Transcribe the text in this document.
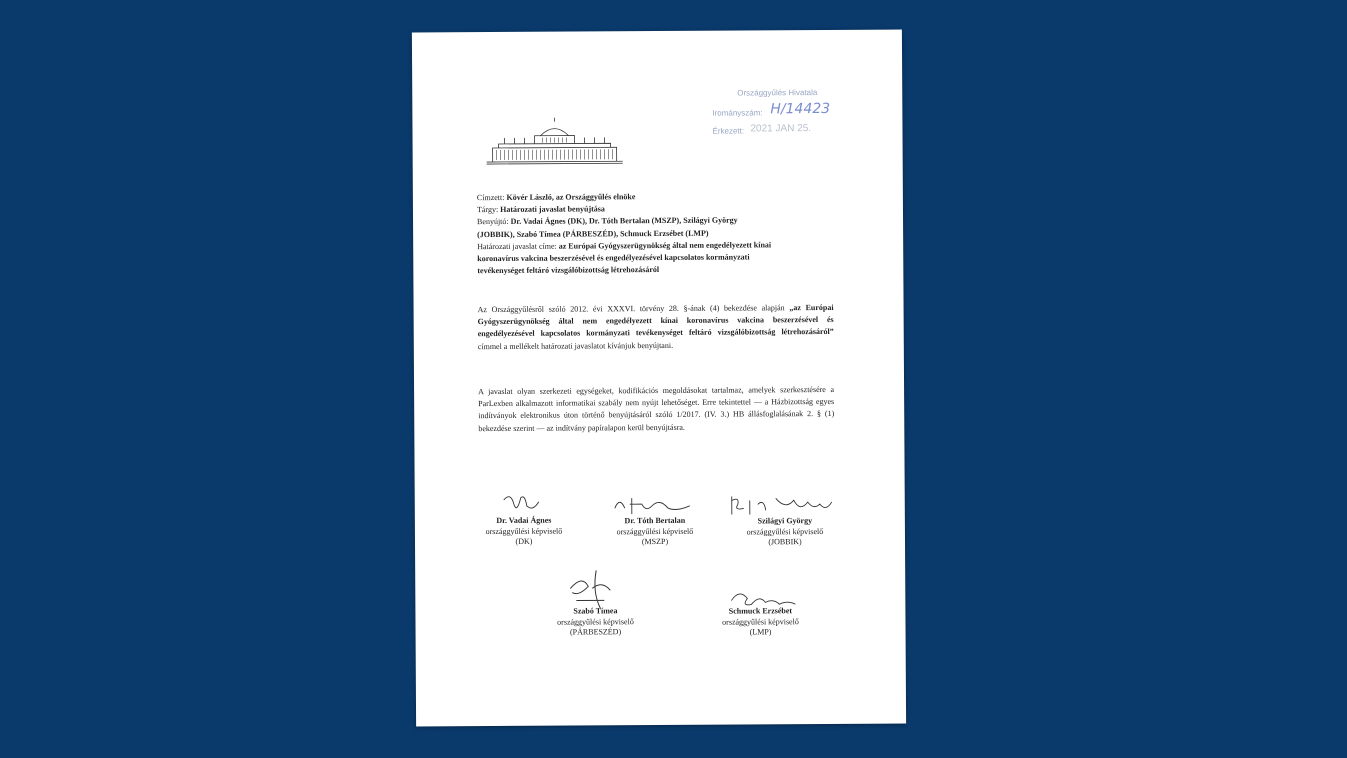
Országgyűlés Hivatala
Irományszám: H/14423
Érkezett: 2021 JAN 25.

Címzett: Kövér László, az Országgyűlés elnöke

Tárgy: Határozati javaslat benyújtása

Benyújtó: Dr. Vadai Ágnes (DK), Dr. Tóth Bertalan (MSZP), Szilágyi György

(JOBBIK), Szabó Tímea (PÁRBESZÉD), Schmuck Erzsébet (LMP)

Határozati javaslat címe: az Európai Gyógyszerügynökség által nem engedélyezett kínai

koronavírus vakcina beszerzésével és engedélyezésével kapcsolatos kormányzati

tevékenységet feltáró vizsgálóbizottság létrehozásáról

Az Országgyűlésről szóló 2012. évi XXXVI. törvény 28. §-ának (4) bekezdése alapján „az Európai Gyógyszerügynökség által nem engedélyezett kínai koronavírus vakcina beszerzésével és engedélyezésével kapcsolatos kormányzati tevékenységet feltáró vizsgálóbizottság létrehozásáról” címmel a mellékelt határozati javaslatot kívánjuk benyújtani.
A javaslat olyan szerkezeti egységeket, kodifikációs megoldásokat tartalmaz, amelyek szerkesztésére a ParLexben alkalmazott informatikai szabály nem nyújt lehetőséget. Erre tekintettel — a Házbizottság egyes indítványok elektronikus úton történő benyújtásáról szóló 1/2017. (IV. 3.) HB állásfoglalásának 2. § (1) bekezdése szerint — az indítvány papíralapon kerül benyújtásra.
Dr. Vadai Ágnes
országgyűlési képviselő
(DK)
Dr. Tóth Bertalan
országgyűlési képviselő
(MSZP)
Szilágyi György
országgyűlési képviselő
(JOBBIK)
Szabó Tímea
országgyűlési képviselő
(PÁRBESZÉD)
Schmuck Erzsébet
országgyűlési képviselő
(LMP)
